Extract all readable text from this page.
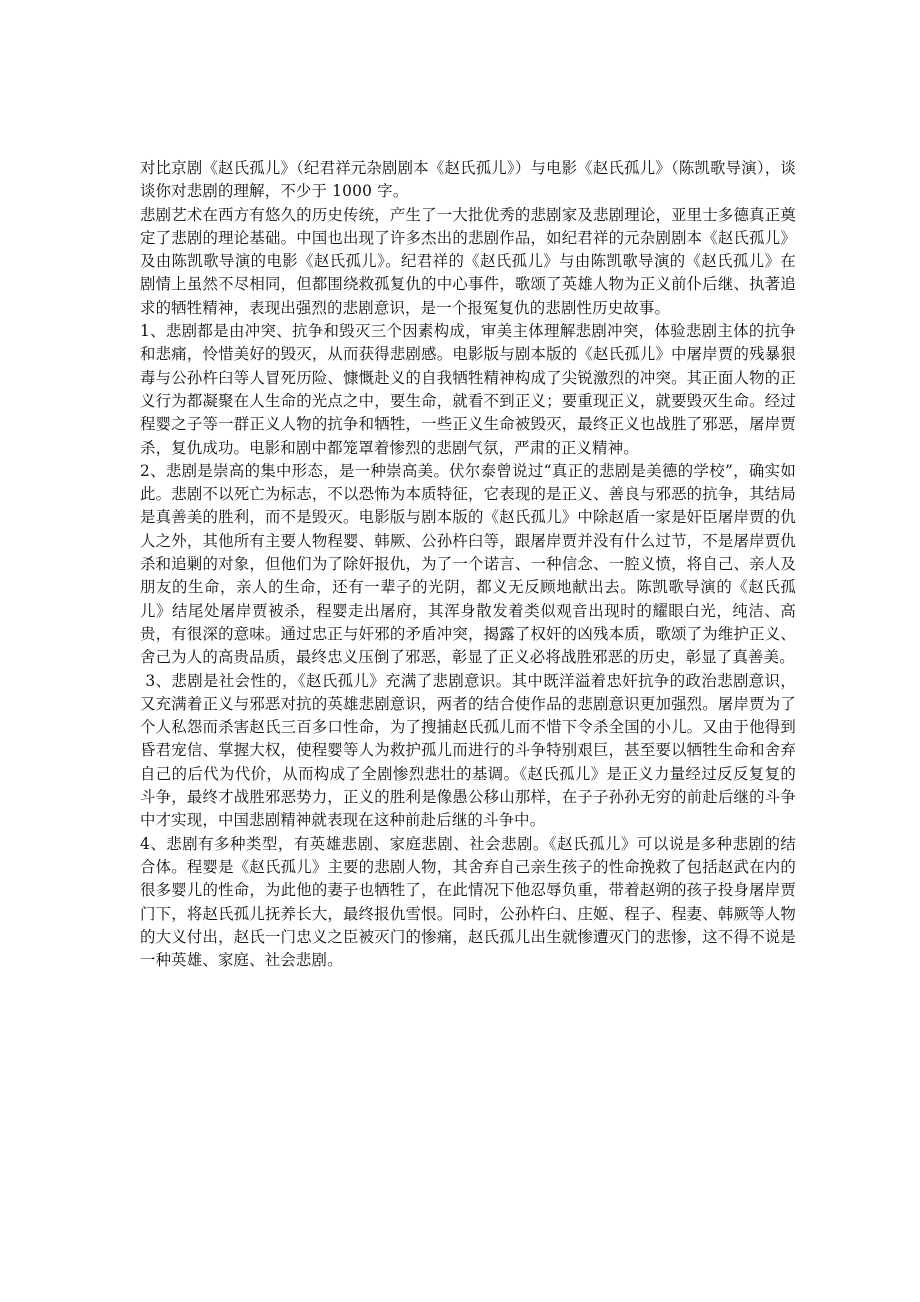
对比京剧《赵氏孤儿》（纪君祥元杂剧剧本《赵氏孤儿》）与电影《赵氏孤儿》（陈凯歌导演），谈谈你对悲剧的理解，不少于 1000 字。

悲剧艺术在西方有悠久的历史传统，产生了一大批优秀的悲剧家及悲剧理论，亚里士多德真正奠定了悲剧的理论基础。中国也出现了许多杰出的悲剧作品，如纪君祥的元杂剧剧本《赵氏孤儿》及由陈凯歌导演的电影《赵氏孤儿》。纪君祥的《赵氏孤儿》与由陈凯歌导演的《赵氏孤儿》在剧情上虽然不尽相同，但都围绕救孤复仇的中心事件，歌颂了英雄人物为正义前仆后继、执著追求的牺牲精神，表现出强烈的悲剧意识，是一个报冤复仇的悲剧性历史故事。

1、悲剧都是由冲突、抗争和毁灭三个因素构成，审美主体理解悲剧冲突，体验悲剧主体的抗争和悲痛，怜惜美好的毁灭，从而获得悲剧感。电影版与剧本版的《赵氏孤儿》中屠岸贾的残暴狠毒与公孙杵臼等人冒死历险、慷慨赴义的自我牺牲精神构成了尖锐激烈的冲突。其正面人物的正义行为都凝聚在人生命的光点之中，要生命，就看不到正义；要重现正义，就要毁灭生命。经过程婴之子等一群正义人物的抗争和牺牲，一些正义生命被毁灭，最终正义也战胜了邪恶，屠岸贾杀，复仇成功。电影和剧中都笼罩着惨烈的悲剧气氛，严肃的正义精神。

2、悲剧是崇高的集中形态，是一种崇高美。伏尔泰曾说过“真正的悲剧是美德的学校”，确实如此。悲剧不以死亡为标志，不以恐怖为本质特征，它表现的是正义、善良与邪恶的抗争，其结局是真善美的胜利，而不是毁灭。电影版与剧本版的《赵氏孤儿》中除赵盾一家是奸臣屠岸贾的仇人之外，其他所有主要人物程婴、韩厥、公孙杵臼等，跟屠岸贾并没有什么过节，不是屠岸贾仇杀和追剿的对象，但他们为了除奸报仇，为了一个诺言、一种信念、一腔义愤，将自己、亲人及朋友的生命，亲人的生命，还有一辈子的光阴，都义无反顾地献出去。陈凯歌导演的《赵氏孤儿》结尾处屠岸贾被杀，程婴走出屠府，其浑身散发着类似观音出现时的耀眼白光，纯洁、高贵，有很深的意味。通过忠正与奸邪的矛盾冲突，揭露了权奸的凶残本质，歌颂了为维护正义、舍己为人的高贵品质，最终忠义压倒了邪恶，彰显了正义必将战胜邪恶的历史，彰显了真善美。

3、悲剧是社会性的，《赵氏孤儿》充满了悲剧意识。其中既洋溢着忠奸抗争的政治悲剧意识，又充满着正义与邪恶对抗的英雄悲剧意识，两者的结合使作品的悲剧意识更加强烈。屠岸贾为了个人私怨而杀害赵氏三百多口性命，为了搜捕赵氏孤儿而不惜下令杀全国的小儿。又由于他得到昏君宠信、掌握大权，使程婴等人为救护孤儿而进行的斗争特别艰巨，甚至要以牺牲生命和舍弃自己的后代为代价，从而构成了全剧惨烈悲壮的基调。《赵氏孤儿》是正义力量经过反反复复的斗争，最终才战胜邪恶势力，正义的胜利是像愚公移山那样，在子子孙孙无穷的前赴后继的斗争中才实现，中国悲剧精神就表现在这种前赴后继的斗争中。

4、悲剧有多种类型，有英雄悲剧、家庭悲剧、社会悲剧。《赵氏孤儿》可以说是多种悲剧的结合体。程婴是《赵氏孤儿》主要的悲剧人物，其舍弃自己亲生孩子的性命挽救了包括赵武在内的很多婴儿的性命，为此他的妻子也牺牲了，在此情况下他忍辱负重，带着赵朔的孩子投身屠岸贾门下，将赵氏孤儿抚养长大，最终报仇雪恨。同时，公孙杵臼、庄姬、程子、程妻、韩厥等人物的大义付出，赵氏一门忠义之臣被灭门的惨痛，赵氏孤儿出生就惨遭灭门的悲惨，这不得不说是一种英雄、家庭、社会悲剧。
